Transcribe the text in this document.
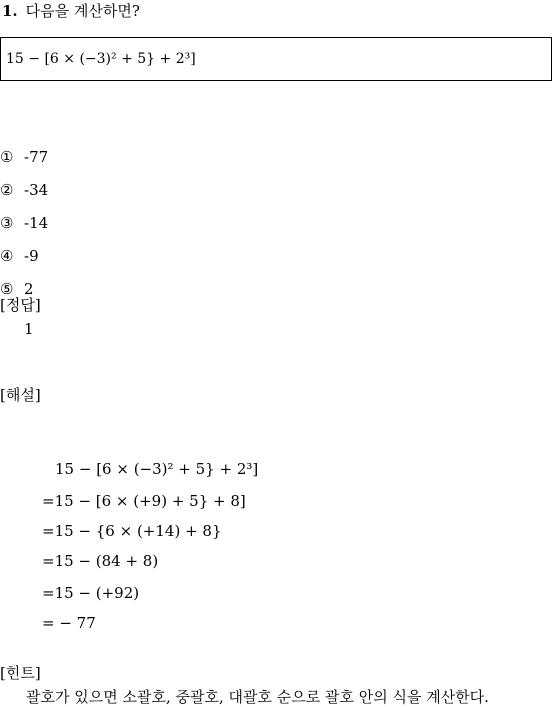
1. 다음을 계산하면?
15 − [6 × (−3)² + 5} + 2³]
① -77
② -34
③ -14
④ -9
⑤ 2
[정답]
1
[해설]
15 − [6 × (−3)² + 5} + 2³]
=15 − [6 × (+9) + 5} + 8]
=15 − {6 × (+14) + 8}
=15 − (84 + 8)
=15 − (+92)
= − 77
[힌트]
괄호가 있으면 소괄호, 중괄호, 대괄호 순으로 괄호 안의 식을 계산한다.
